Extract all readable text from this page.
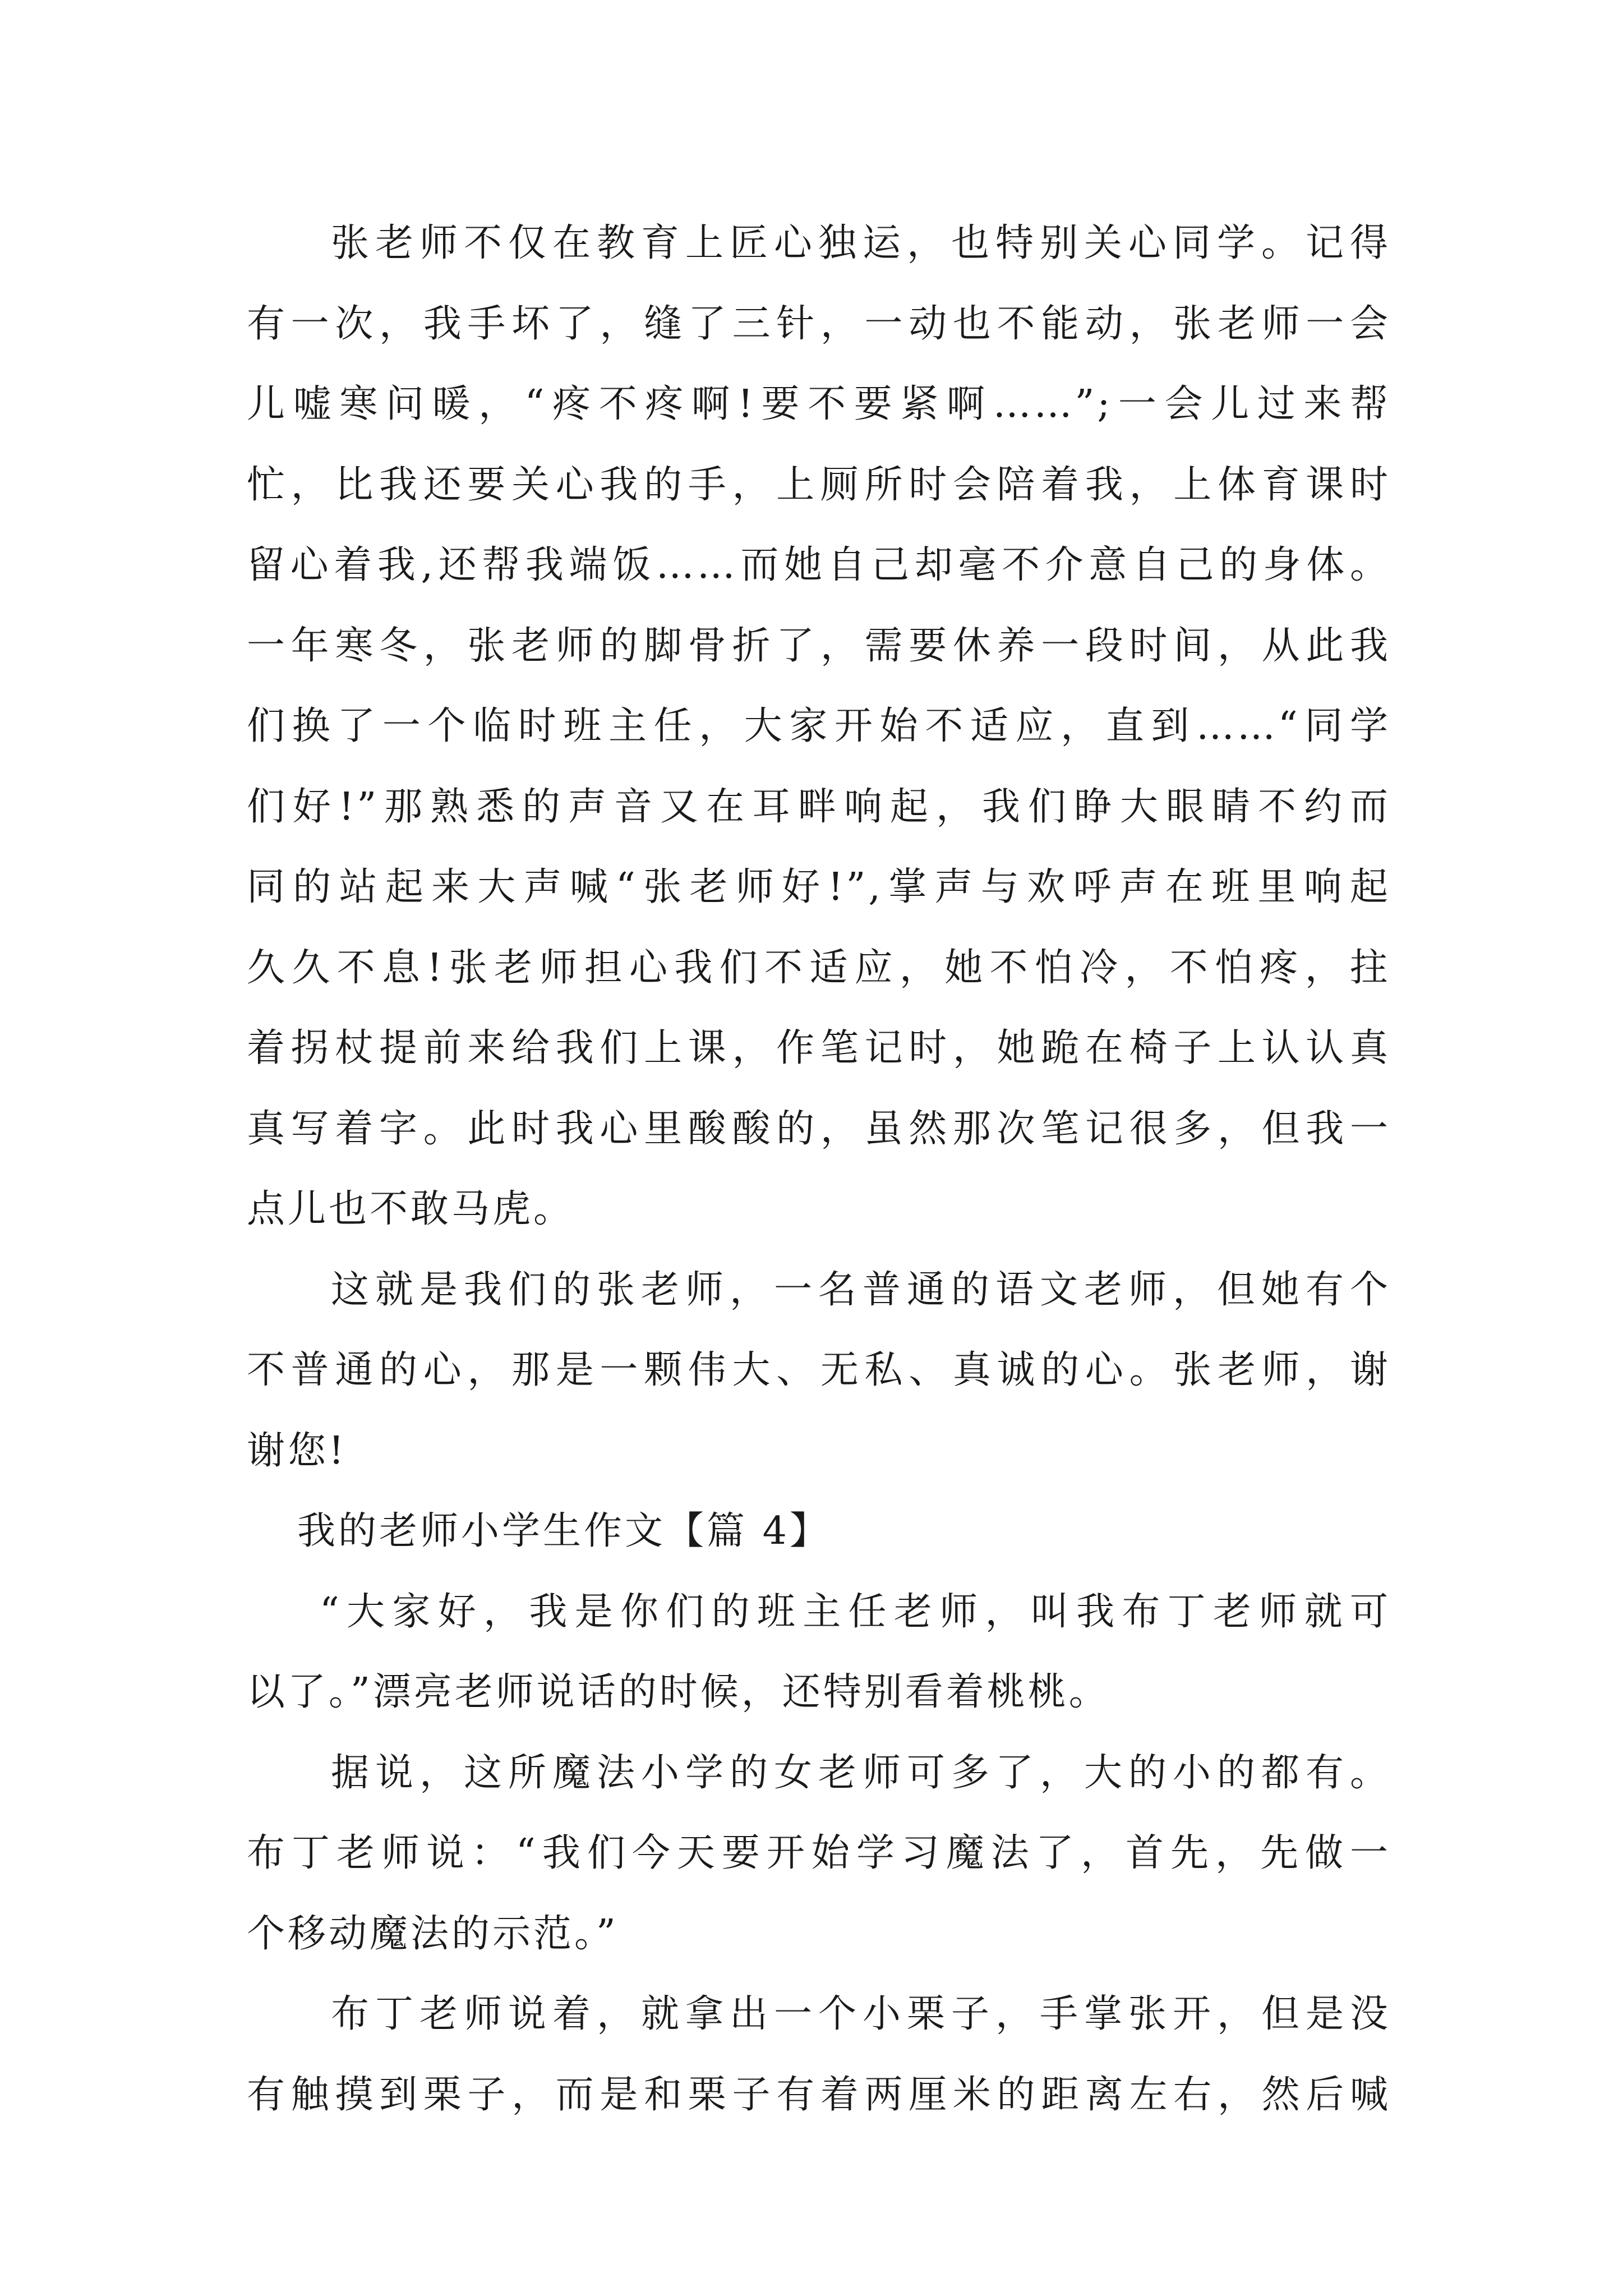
张老师不仅在教育上匠心独运，也特别关心同学。记得
有一次，我手坏了，缝了三针，一动也不能动，张老师一会
儿嘘寒问暖，“疼不疼啊!要不要紧啊……”;一会儿过来帮
忙，比我还要关心我的手，上厕所时会陪着我，上体育课时
留心着我,还帮我端饭……而她自己却毫不介意自己的身体。
一年寒冬，张老师的脚骨折了，需要休养一段时间，从此我
们换了一个临时班主任，大家开始不适应，直到……“同学
们好!”那熟悉的声音又在耳畔响起，我们睁大眼睛不约而
同的站起来大声喊“张老师好!”,掌声与欢呼声在班里响起
久久不息!张老师担心我们不适应，她不怕冷，不怕疼，拄
着拐杖提前来给我们上课，作笔记时，她跪在椅子上认认真
真写着字。此时我心里酸酸的，虽然那次笔记很多，但我一
点儿也不敢马虎。
这就是我们的张老师，一名普通的语文老师，但她有个
不普通的心，那是一颗伟大、无私、真诚的心。张老师，谢
谢您!
我的老师小学生作文【篇 4】
“大家好，我是你们的班主任老师，叫我布丁老师就可
以了。”漂亮老师说话的时候，还特别看着桃桃。
据说，这所魔法小学的女老师可多了，大的小的都有。
布丁老师说：“我们今天要开始学习魔法了，首先，先做一
个移动魔法的示范。”
布丁老师说着，就拿出一个小栗子，手掌张开，但是没
有触摸到栗子，而是和栗子有着两厘米的距离左右，然后喊
